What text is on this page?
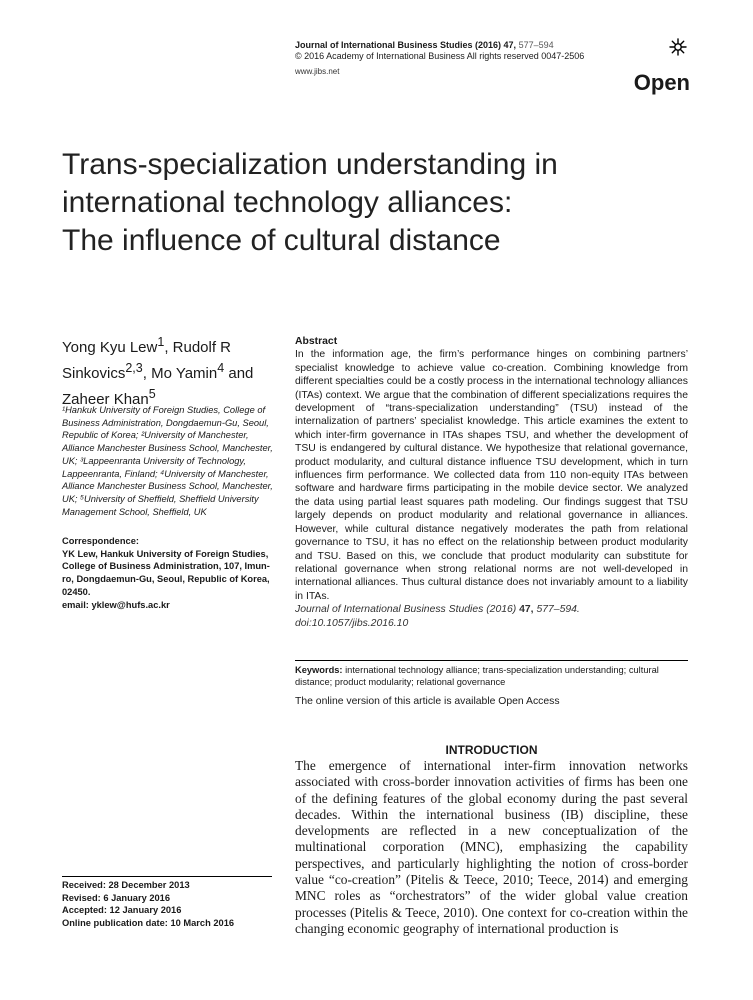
Journal of International Business Studies (2016) 47, 577–594
© 2016 Academy of International Business All rights reserved 0047-2506
www.jibs.net	Open
Trans-specialization understanding in
international technology alliances:
The influence of cultural distance
Yong Kyu Lew$^1$, Rudolf R
Sinkovics$^{2,3}$, Mo Yamin$^4$ and
Zaheer Khan$^5$
¹Hankuk University of Foreign Studies, College of Business Administration, Dongdaemun-Gu, Seoul, Republic of Korea; ²University of Manchester, Alliance Manchester Business School, Manchester, UK; ³Lappeenranta University of Technology, Lappeenranta, Finland; ⁴University of Manchester, Alliance Manchester Business School, Manchester, UK; ⁵University of Sheffield, Sheffield University Management School, Sheffield, UK
Correspondence:
YK Lew, Hankuk University of Foreign Studies, College of Business Administration, 107, Imun-ro, Dongdaemun-Gu, Seoul, Republic of Korea, 02450.
email: yklew@hufs.ac.kr
Received: 28 December 2013
Revised: 6 January 2016
Accepted: 12 January 2016
Online publication date: 10 March 2016
Abstract
In the information age, the firm’s performance hinges on combining partners’ specialist knowledge to achieve value co-creation. Combining knowledge from different specialties could be a costly process in the international technology alliances (ITAs) context. We argue that the combination of different specializations requires the development of “trans-specialization understanding” (TSU) instead of the internalization of partners’ specialist knowledge. This article examines the extent to which inter-firm governance in ITAs shapes TSU, and whether the development of TSU is endangered by cultural distance. We hypothesize that relational governance, product modularity, and cultural distance influence TSU development, which in turn influences firm performance. We collected data from 110 non-equity ITAs between software and hardware firms participating in the mobile device sector. We analyzed the data using partial least squares path modeling. Our findings suggest that TSU largely depends on product modularity and relational governance in alliances. However, while cultural distance negatively moderates the path from relational governance to TSU, it has no effect on the relationship between product modularity and TSU. Based on this, we conclude that product modularity can substitute for relational governance when strong relational norms are not well-developed in international alliances. Thus cultural distance does not invariably amount to a liability in ITAs.
Journal of International Business Studies (2016) 47, 577–594. doi:10.1057/jibs.2016.10
Keywords: international technology alliance; trans-specialization understanding; cultural distance; product modularity; relational governance
The online version of this article is available Open Access
INTRODUCTION
The emergence of international inter-firm innovation networks associated with cross-border innovation activities of firms has been one of the defining features of the global economy during the past several decades. Within the international business (IB) discipline, these developments are reflected in a new conceptualization of the multinational corporation (MNC), emphasizing the capability perspectives, and particularly highlighting the notion of cross-border value “co-creation” (Pitelis & Teece, 2010; Teece, 2014) and emerging MNC roles as “orchestrators” of the wider global value creation processes (Pitelis & Teece, 2010). One context for co-creation within the changing economic geography of international production is
